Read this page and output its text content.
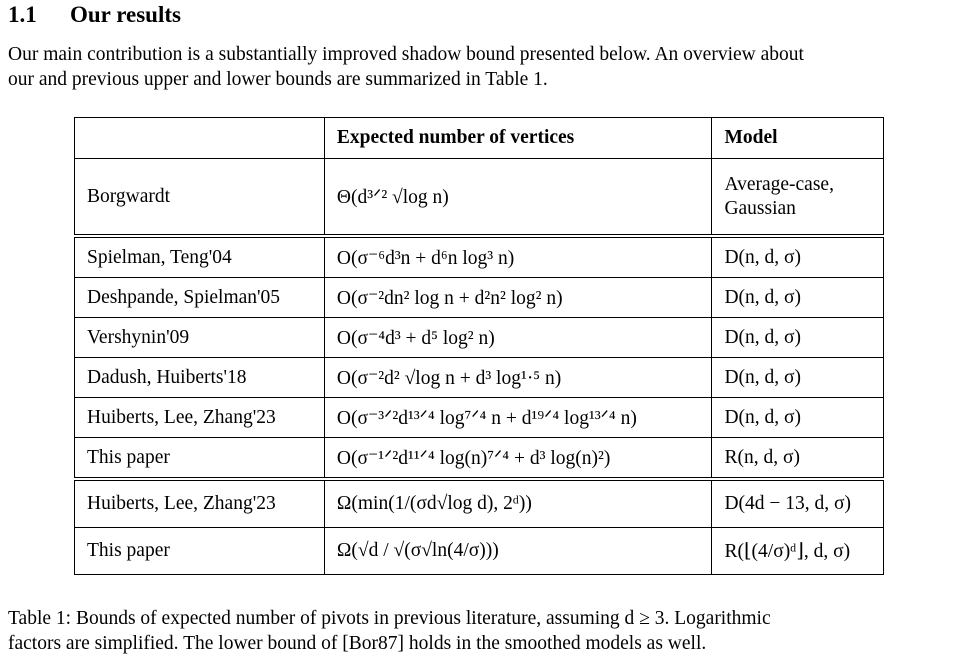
1.1 Our results

Our main contribution is a substantially improved shadow bound presented below. An overview about

our and previous upper and lower bounds are summarized in Table 1.

	Expected number of vertices	Model
Borgwardt	Θ(d³ᐟ² √log n)	Average-case, Gaussian
Spielman, Teng'04	O(σ⁻⁶d³n + d⁶n log³ n)	D(n, d, σ)
Deshpande, Spielman'05	O(σ⁻²dn² log n + d²n² log² n)	D(n, d, σ)
Vershynin'09	O(σ⁻⁴d³ + d⁵ log² n)	D(n, d, σ)
Dadush, Huiberts'18	O(σ⁻²d² √log n + d³ log¹·⁵ n)	D(n, d, σ)
Huiberts, Lee, Zhang'23	O(σ⁻³ᐟ²d¹³ᐟ⁴ log⁷ᐟ⁴ n + d¹⁹ᐟ⁴ log¹³ᐟ⁴ n)	D(n, d, σ)
This paper	O(σ⁻¹ᐟ²d¹¹ᐟ⁴ log(n)⁷ᐟ⁴ + d³ log(n)²)	R(n, d, σ)
Huiberts, Lee, Zhang'23	Ω(min(1/(σd√log d), 2ᵈ))	D(4d − 13, d, σ)
This paper	Ω(√d / √(σ√ln(4/σ)))	R(⌊(4/σ)ᵈ⌋, d, σ)

Table 1: Bounds of expected number of pivots in previous literature, assuming d ≥ 3. Logarithmic

factors are simplified. The lower bound of [Bor87] holds in the smoothed models as well.
